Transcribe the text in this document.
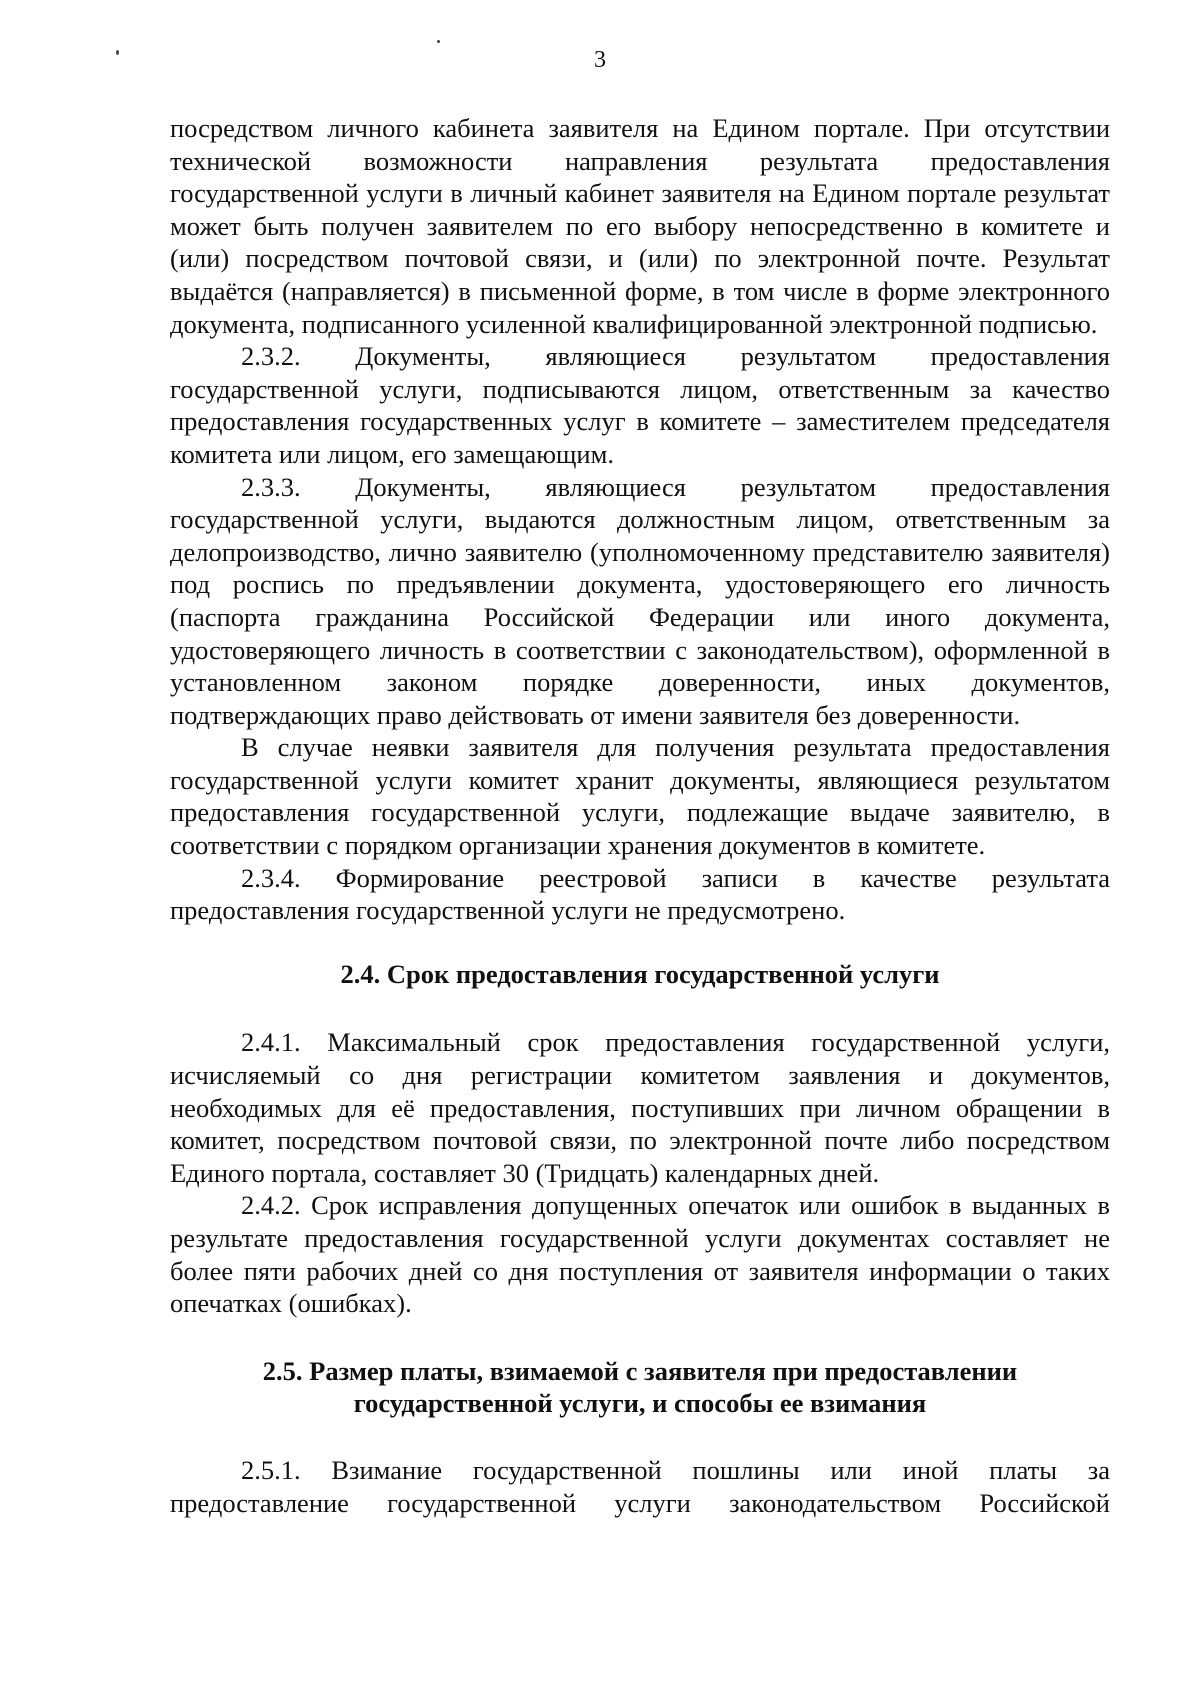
3

посредством личного кабинета заявителя на Едином портале. При отсутствии технической возможности направления результата предоставления государственной услуги в личный кабинет заявителя на Едином портале результат может быть получен заявителем по его выбору непосредственно в комитете и (или) посредством почтовой связи, и (или) по электронной почте. Результат выдаётся (направляется) в письменной форме, в том числе в форме электронного документа, подписанного усиленной квалифицированной электронной подписью.

2.3.2. Документы, являющиеся результатом предоставления государственной услуги, подписываются лицом, ответственным за качество предоставления государственных услуг в комитете – заместителем председателя комитета или лицом, его замещающим.

2.3.3. Документы, являющиеся результатом предоставления государственной услуги, выдаются должностным лицом, ответственным за делопроизводство, лично заявителю (уполномоченному представителю заявителя) под роспись по предъявлении документа, удостоверяющего его личность (паспорта гражданина Российской Федерации или иного документа, удостоверяющего личность в соответствии с законодательством), оформленной в установленном законом порядке доверенности, иных документов, подтверждающих право действовать от имени заявителя без доверенности.

В случае неявки заявителя для получения результата предоставления государственной услуги комитет хранит документы, являющиеся результатом предоставления государственной услуги, подлежащие выдаче заявителю, в соответствии с порядком организации хранения документов в комитете.

2.3.4. Формирование реестровой записи в качестве результата предоставления государственной услуги не предусмотрено.

2.4. Срок предоставления государственной услуги

2.4.1. Максимальный срок предоставления государственной услуги, исчисляемый со дня регистрации комитетом заявления и документов, необходимых для её предоставления, поступивших при личном обращении в комитет, посредством почтовой связи, по электронной почте либо посредством Единого портала, составляет 30 (Тридцать) календарных дней.

2.4.2. Срок исправления допущенных опечаток или ошибок в выданных в результате предоставления государственной услуги документах составляет не более пяти рабочих дней со дня поступления от заявителя информации о таких опечатках (ошибках).

2.5. Размер платы, взимаемой с заявителя при предоставлении
государственной услуги, и способы ее взимания

2.5.1. Взимание государственной пошлины или иной платы за предоставление государственной услуги законодательством Российской
